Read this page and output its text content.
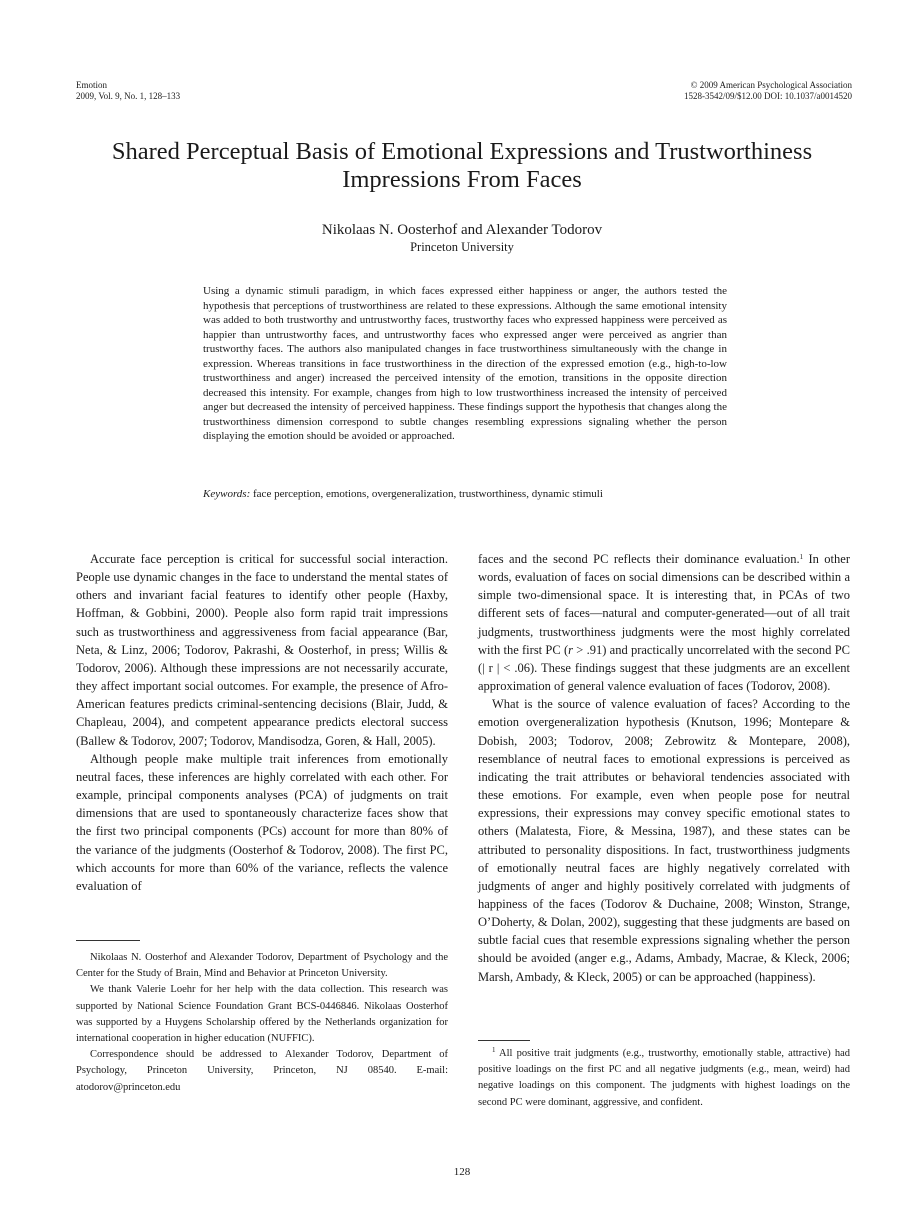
Emotion
2009, Vol. 9, No. 1, 128–133
© 2009 American Psychological Association
1528-3542/09/$12.00 DOI: 10.1037/a0014520
Shared Perceptual Basis of Emotional Expressions and Trustworthiness
Impressions From Faces
Nikolaas N. Oosterhof and Alexander Todorov
Princeton University

Using a dynamic stimuli paradigm, in which faces expressed either happiness or anger, the authors tested the hypothesis that perceptions of trustworthiness are related to these expressions. Although the same emotional intensity was added to both trustworthy and untrustworthy faces, trustworthy faces who expressed happiness were perceived as happier than untrustworthy faces, and untrustworthy faces who expressed anger were perceived as angrier than trustworthy faces. The authors also manipulated changes in face trustworthiness simultaneously with the change in expression. Whereas transitions in face trustworthiness in the direction of the expressed emotion (e.g., high-to-low trustworthiness and anger) increased the perceived intensity of the emotion, transitions in the opposite direction decreased this intensity. For example, changes from high to low trustworthiness increased the intensity of perceived anger but decreased the intensity of perceived happiness. These findings support the hypothesis that changes along the trustworthiness dimension correspond to subtle changes resembling expressions signaling whether the person displaying the emotion should be avoided or approached.

Keywords: face perception, emotions, overgeneralization, trustworthiness, dynamic stimuli

Accurate face perception is critical for successful social interaction. People use dynamic changes in the face to understand the mental states of others and invariant facial features to identify other people (Haxby, Hoffman, & Gobbini, 2000). People also form rapid trait impressions such as trustworthiness and aggressiveness from facial appearance (Bar, Neta, & Linz, 2006; Todorov, Pakrashi, & Oosterhof, in press; Willis & Todorov, 2006). Although these impressions are not necessarily accurate, they affect important social outcomes. For example, the presence of Afro-American features predicts criminal-sentencing decisions (Blair, Judd, & Chapleau, 2004), and competent appearance predicts electoral success (Ballew & Todorov, 2007; Todorov, Mandisodza, Goren, & Hall, 2005).

Although people make multiple trait inferences from emotionally neutral faces, these inferences are highly correlated with each other. For example, principal components analyses (PCA) of judgments on trait dimensions that are used to spontaneously characterize faces show that the first two principal components (PCs) account for more than 80% of the variance of the judgments (Oosterhof & Todorov, 2008). The first PC, which accounts for more than 60% of the variance, reflects the valence evaluation of

faces and the second PC reflects their dominance evaluation.$^1$ In other words, evaluation of faces on social dimensions can be described within a simple two-dimensional space. It is interesting that, in PCAs of two different sets of faces—natural and computer-generated—out of all trait judgments, trustworthiness judgments were the most highly correlated with the first PC (r > .91) and practically uncorrelated with the second PC (| r | < .06). These findings suggest that these judgments are an excellent approximation of general valence evaluation of faces (Todorov, 2008).

What is the source of valence evaluation of faces? According to the emotion overgeneralization hypothesis (Knutson, 1996; Montepare & Dobish, 2003; Todorov, 2008; Zebrowitz & Montepare, 2008), resemblance of neutral faces to emotional expressions is perceived as indicating the trait attributes or behavioral tendencies associated with these emotions. For example, even when people pose for neutral expressions, their expressions may convey specific emotional states to others (Malatesta, Fiore, & Messina, 1987), and these states can be attributed to personality dispositions. In fact, trustworthiness judgments of emotionally neutral faces are highly negatively correlated with judgments of anger and highly positively correlated with judgments of happiness of the faces (Todorov & Duchaine, 2008; Winston, Strange, O’Doherty, & Dolan, 2002), suggesting that these judgments are based on subtle facial cues that resemble expressions signaling whether the person should be avoided (anger e.g., Adams, Ambady, Macrae, & Kleck, 2006; Marsh, Ambady, & Kleck, 2005) or can be approached (happiness).

Nikolaas N. Oosterhof and Alexander Todorov, Department of Psychology and the Center for the Study of Brain, Mind and Behavior at Princeton University.

We thank Valerie Loehr for her help with the data collection. This research was supported by National Science Foundation Grant BCS-0446846. Nikolaas Oosterhof was supported by a Huygens Scholarship offered by the Netherlands organization for international cooperation in higher education (NUFFIC).

Correspondence should be addressed to Alexander Todorov, Department of Psychology, Princeton University, Princeton, NJ 08540. E-mail: atodorov@princeton.edu

$^1$ All positive trait judgments (e.g., trustworthy, emotionally stable, attractive) had positive loadings on the first PC and all negative judgments (e.g., mean, weird) had negative loadings on this component. The judgments with highest loadings on the second PC were dominant, aggressive, and confident.

128
